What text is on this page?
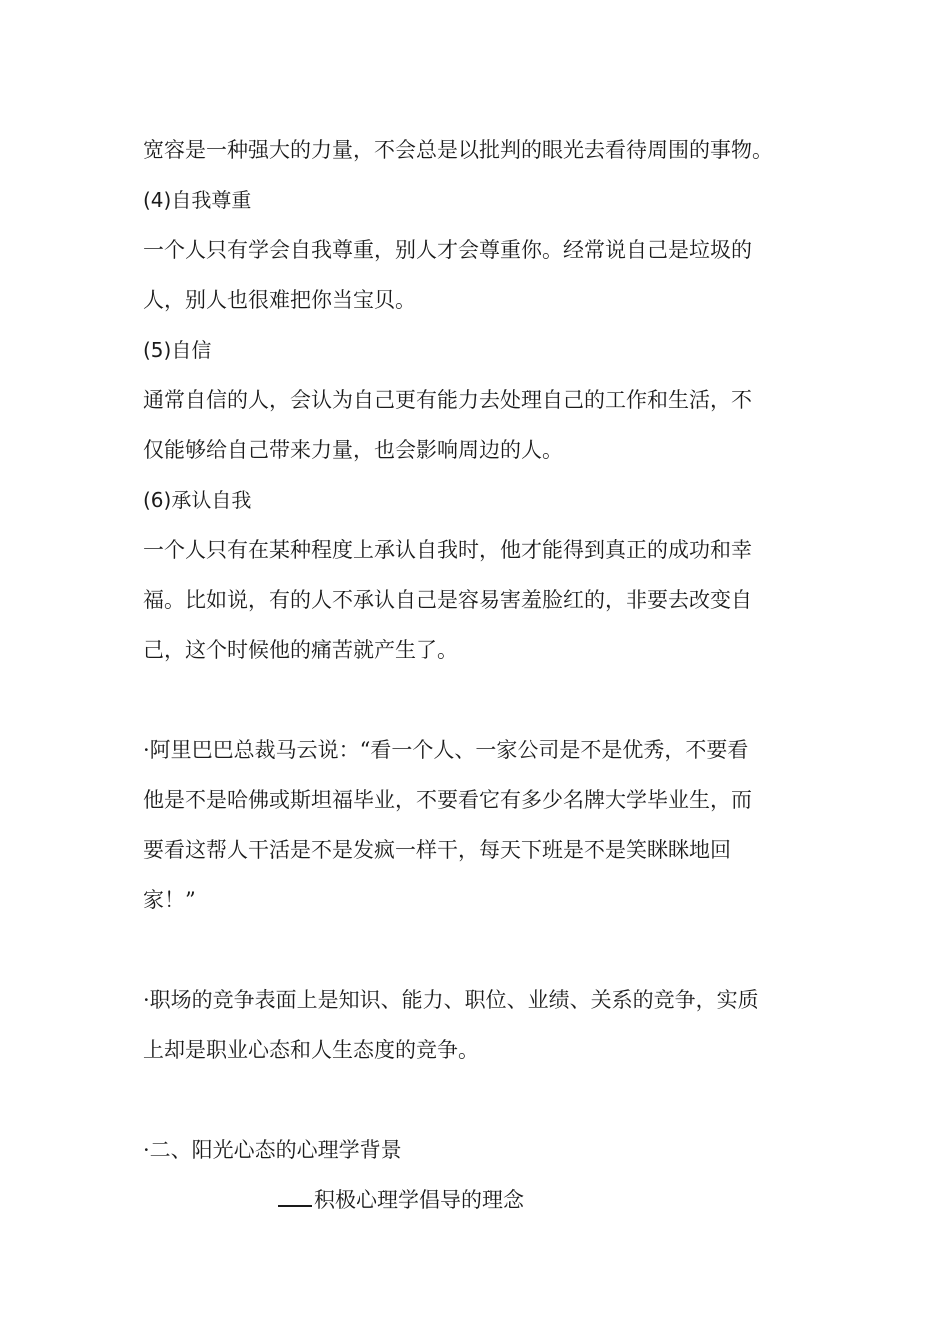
宽容是一种强大的力量，不会总是以批判的眼光去看待周围的事物。
(4)自我尊重
一个人只有学会自我尊重，别人才会尊重你。经常说自己是垃圾的
人，别人也很难把你当宝贝。
(5)自信
通常自信的人，会认为自己更有能力去处理自己的工作和生活，不
仅能够给自己带来力量，也会影响周边的人。
(6)承认自我
一个人只有在某种程度上承认自我时，他才能得到真正的成功和幸
福。比如说，有的人不承认自己是容易害羞脸红的，非要去改变自
己，这个时候他的痛苦就产生了。
·阿里巴巴总裁马云说：“看一个人、一家公司是不是优秀，不要看
他是不是哈佛或斯坦福毕业，不要看它有多少名牌大学毕业生，而
要看这帮人干活是不是发疯一样干，每天下班是不是笑眯眯地回
家！”
·职场的竞争表面上是知识、能力、职位、业绩、关系的竞争，实质
上却是职业心态和人生态度的竞争。
·二、阳光心态的心理学背景
积极心理学倡导的理念
